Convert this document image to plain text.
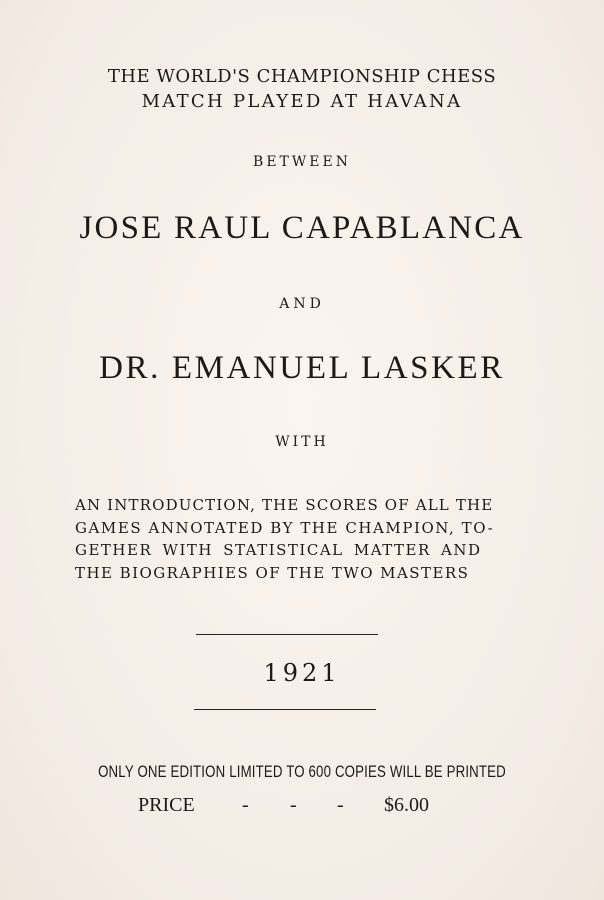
THE WORLD'S CHAMPIONSHIP CHESS
MATCH PLAYED AT HAVANA
BETWEEN
JOSE RAUL CAPABLANCA
AND
DR. EMANUEL LASKER
WITH
AN INTRODUCTION, THE SCORES OF ALL THE
GAMES ANNOTATED BY THE CHAMPION, TO-
GETHER WITH STATISTICAL MATTER AND
THE BIOGRAPHIES OF THE TWO MASTERS
1921
ONLY ONE EDITION LIMITED TO 600 COPIES WILL BE PRINTED
PRICE - - - $6.00
